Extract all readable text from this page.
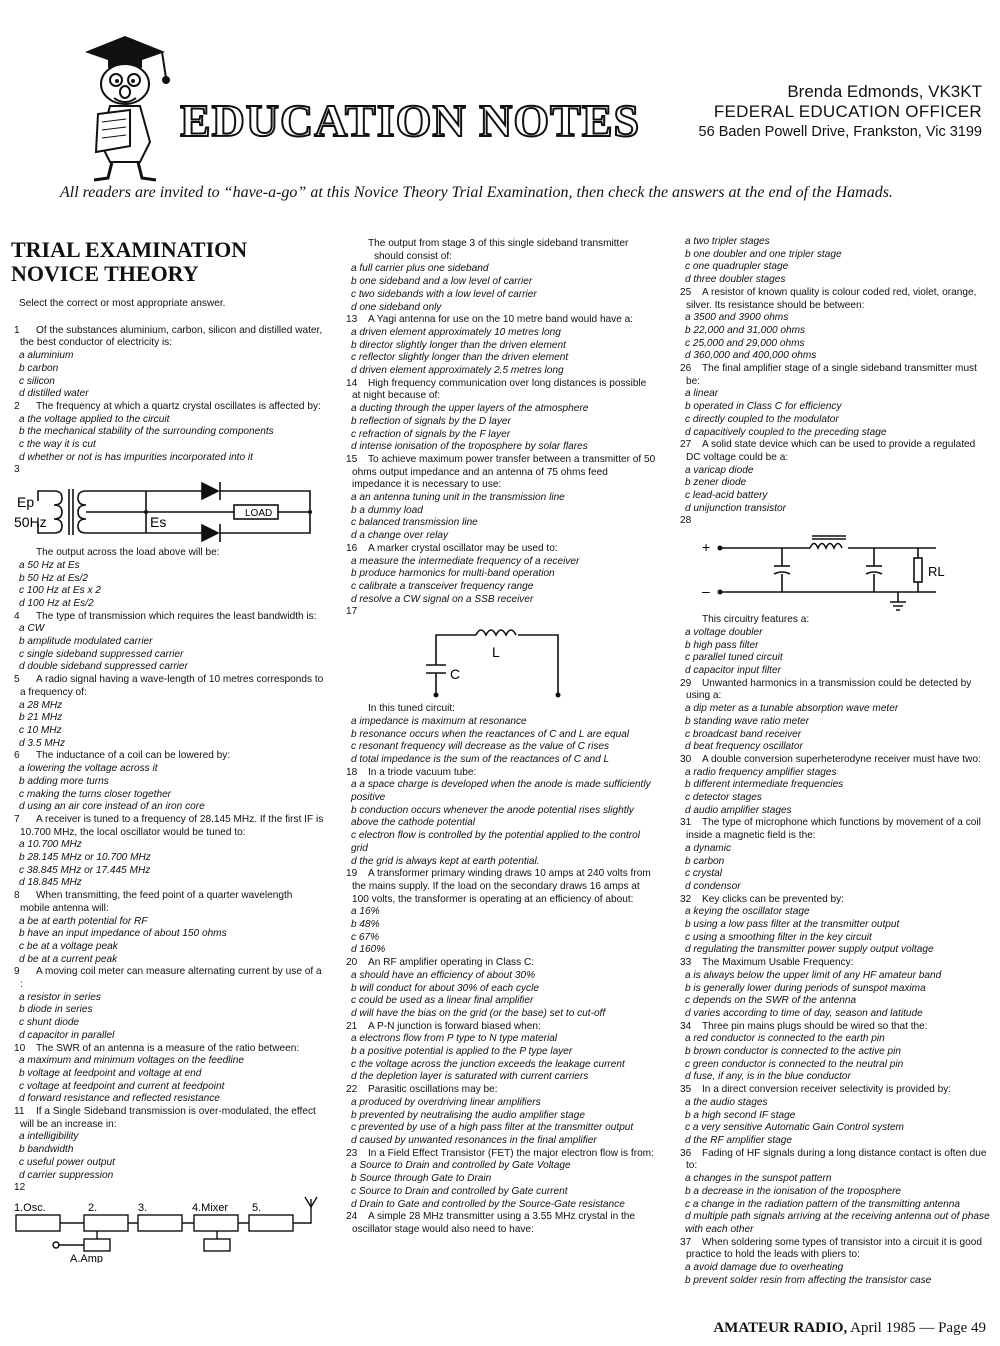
EDUCATION NOTES
Brenda Edmonds, VK3KT
FEDERAL EDUCATION OFFICER
56 Baden Powell Drive, Frankston, Vic 3199
All readers are invited to “have-a-go” at this Novice Theory Trial Examination, then check the answers at the end of the Hamads.
TRIAL EXAMINATION
NOVICE THEORY
Select the correct or most appropriate answer.
1 Of the substances aluminium, carbon, silicon and distilled water, the best conductor of electricity is:
a aluminium
b carbon
c silicon
d distilled water
2 The frequency at which a quartz crystal oscillates is affected by:
a the voltage applied to the circuit
b the mechanical stability of the surrounding components
c the way it is cut
d whether or not is has impurities incorporated into it
3
Ep
50Hz	Es
LOAD
The output across the load above will be:
a 50 Hz at Es
b 50 Hz at Es/2
c 100 Hz at Es x 2
d 100 Hz at Es/2
4 The type of transmission which requires the least bandwidth is:
a CW
b amplitude modulated carrier
c single sideband suppressed carrier
d double sideband suppressed carrier
5 A radio signal having a wave-length of 10 metres corresponds to a frequency of:
a 28 MHz
b 21 MHz
c 10 MHz
d 3.5 MHz
6 The inductance of a coil can be lowered by:
a lowering the voltage across it
b adding more turns
c making the turns closer together
d using an air core instead of an iron core
7 A receiver is tuned to a frequency of 28.145 MHz. If the first IF is 10.700 MHz, the local oscillator would be tuned to:
a 10.700 MHz
b 28.145 MHz or 10.700 MHz
c 38.845 MHz or 17.445 MHz
d 18.845 MHz
8 When transmitting, the feed point of a quarter wavelength mobile antenna will:
a be at earth potential for RF
b have an input impedance of about 150 ohms
c be at a voltage peak
d be at a current peak
9 A moving coil meter can measure alternating current by use of a :
a resistor in series
b diode in series
c shunt diode
d capacitor in parallel
10 The SWR of an antenna is a measure of the ratio between:
a maximum and minimum voltages on the feedline
b voltage at feedpoint and voltage at end
c voltage at feedpoint and current at feedpoint
d forward resistance and reflected resistance
11 If a Single Sideband transmission is over-modulated, the effect will be an increase in:
a intelligibility
b bandwidth
c useful power output
d carrier suppression
12
1.Osc.	2.	3.	4.Mixer 5.
A.Amp
The output from stage 3 of this single sideband transmitter should consist of:
a full carrier plus one sideband
b one sideband and a low level of carrier
c two sidebands with a low level of carrier
d one sideband only
13 A Yagi antenna for use on the 10 metre band would have a:
a driven element approximately 10 metres long
b director slightly longer than the driven element
c reflector slightly longer than the driven element
d driven element approximately 2.5 metres long
14 High frequency communication over long distances is possible at night because of:
a ducting through the upper layers of the atmosphere
b reflection of signals by the D layer
c refraction of signals by the F layer
d intense ionisation of the troposphere by solar flares
15 To achieve maximum power transfer between a transmitter of 50 ohms output impedance and an antenna of 75 ohms feed impedance it is necessary to use:
a an antenna tuning unit in the transmission line
b a dummy load
c balanced transmission line
d a change over relay
16 A marker crystal oscillator may be used to:
a measure the intermediate frequency of a receiver
b produce harmonics for multi-band operation
c calibrate a transceiver frequency range
d resolve a CW signal on a SSB receiver
17
C
L
In this tuned circuit:
a impedance is maximum at resonance
b resonance occurs when the reactances of C and L are equal
c resonant frequency will decrease as the value of C rises
d total impedance is the sum of the reactances of C and L
18 In a triode vacuum tube:
a a space charge is developed when the anode is made sufficiently positive
b conduction occurs whenever the anode potential rises slightly above the cathode potential
c electron flow is controlled by the potential applied to the control grid
d the grid is always kept at earth potential.
19 A transformer primary winding draws 10 amps at 240 volts from the mains supply. If the load on the secondary draws 16 amps at 100 volts, the transformer is operating at an efficiency of about:
a 16%
b 48%
c 67%
d 160%
20 An RF amplifier operating in Class C:
a should have an efficiency of about 30%
b will conduct for about 30% of each cycle
c could be used as a linear final amplifier
d will have the bias on the grid (or the base) set to cut-off
21 A P-N junction is forward biased when:
a electrons flow from P type to N type material
b a positive potential is applied to the P type layer
c the voltage across the junction exceeds the leakage current
d the depletion layer is saturated with current carriers
22 Parasitic oscillations may be:
a produced by overdriving linear amplifiers
b prevented by neutralising the audio amplifier stage
c prevented by use of a high pass filter at the transmitter output
d caused by unwanted resonances in the final amplifier
23 In a Field Effect Transistor (FET) the major electron flow is from:
a Source to Drain and controlled by Gate Voltage
b Source through Gate to Drain
c Source to Drain and controlled by Gate current
d Drain to Gate and controlled by the Source-Gate resistance
24 A simple 28 MHz transmitter using a 3.55 MHz crystal in the oscillator stage would also need to have:
a two tripler stages
b one doubler and one tripler stage
c one quadrupler stage
d three doubler stages
25 A resistor of known quality is colour coded red, violet, orange, silver. Its resistance should be between:
a 3500 and 3900 ohms
b 22,000 and 31,000 ohms
c 25,000 and 29,000 ohms
d 360,000 and 400,000 ohms
26 The final amplifier stage of a single sideband transmitter must be:
a linear
b operated in Class C for efficiency
c directly coupled to the modulator
d capacitively coupled to the preceding stage
27 A solid state device which can be used to provide a regulated DC voltage could be a:
a varicap diode
b zener diode
c lead-acid battery
d unijunction transistor
28
+
–
RL
This circuitry features a:
a voltage doubler
b high pass filter
c parallel tuned circuit
d capacitor input filter
29 Unwanted harmonics in a transmission could be detected by using a:
a dip meter as a tunable absorption wave meter
b standing wave ratio meter
c broadcast band receiver
d beat frequency oscillator
30 A double conversion superheterodyne receiver must have two:
a radio frequency amplifier stages
b different intermediate frequencies
c detector stages
d audio amplifier stages
31 The type of microphone which functions by movement of a coil inside a magnetic field is the:
a dynamic
b carbon
c crystal
d condensor
32 Key clicks can be prevented by:
a keying the oscillator stage
b using a low pass filter at the transmitter output
c using a smoothing filter in the key circuit
d regulating the transmitter power supply output voltage
33 The Maximum Usable Frequency:
a is always below the upper limit of any HF amateur band
b is generally lower during periods of sunspot maxima
c depends on the SWR of the antenna
d varies according to time of day, season and latitude
34 Three pin mains plugs should be wired so that the:
a red conductor is connected to the earth pin
b brown conductor is connected to the active pin
c green conductor is connected to the neutral pin
d fuse, if any, is in the blue conductor
35 In a direct conversion receiver selectivity is provided by:
a the audio stages
b a high second IF stage
c a very sensitive Automatic Gain Control system
d the RF amplifier stage
36 Fading of HF signals during a long distance contact is often due to:
a changes in the sunspot pattern
b a decrease in the ionisation of the troposphere
c a change in the radiation pattern of the transmitting antenna
d multiple path signals arriving at the receiving antenna out of phase with each other
37 When soldering some types of transistor into a circuit it is good practice to hold the leads with pliers to:
a avoid damage due to overheating
b prevent solder resin from affecting the transistor case
AMATEUR RADIO, April 1985 — Page 49
